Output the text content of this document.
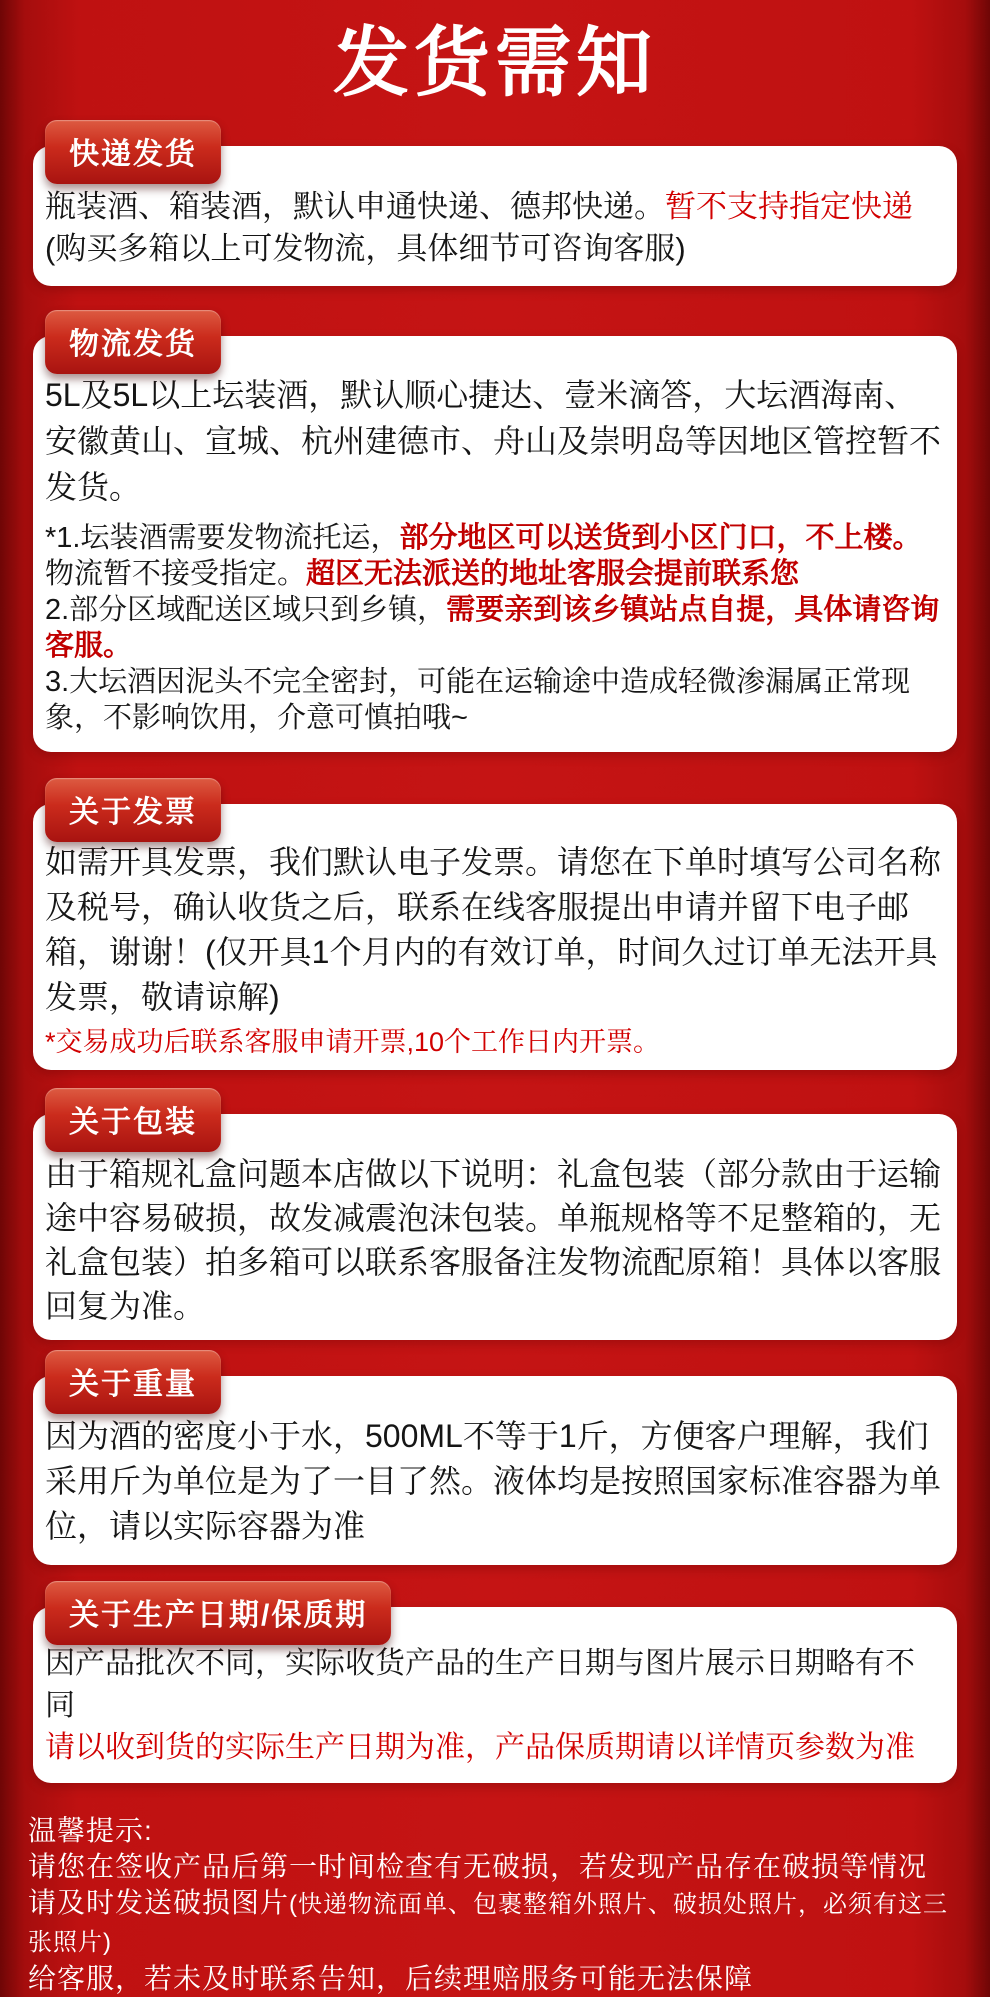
发货需知
快递发货

瓶装酒、箱装酒，默认申通快递、德邦快递。暂不支持指定快递

(购买多箱以上可发物流，具体细节可咨询客服)

物流发货

5L及5L以上坛装酒，默认顺心捷达、壹米滴答，大坛酒海南、安徽黄山、宣城、杭州建德市、舟山及崇明岛等因地区管控暂不发货。

*1.坛装酒需要发物流托运，部分地区可以送货到小区门口，不上楼。物流暂不接受指定。超区无法派送的地址客服会提前联系您
2.部分区域配送区域只到乡镇，需要亲到该乡镇站点自提，具体请咨询客服。
3.大坛酒因泥头不完全密封，可能在运输途中造成轻微渗漏属正常现象，不影响饮用，介意可慎拍哦~

关于发票

如需开具发票，我们默认电子发票。请您在下单时填写公司名称及税号，确认收货之后，联系在线客服提出申请并留下电子邮箱，谢谢！(仅开具1个月内的有效订单，时间久过订单无法开具发票，敬请谅解)

*交易成功后联系客服申请开票,10个工作日内开票。

关于包装

由于箱规礼盒问题本店做以下说明：礼盒包装（部分款由于运输途中容易破损，故发减震泡沫包装。单瓶规格等不足整箱的，无礼盒包装）拍多箱可以联系客服备注发物流配原箱！具体以客服回复为准。

关于重量

因为酒的密度小于水，500ML不等于1斤，方便客户理解，我们采用斤为单位是为了一目了然。液体均是按照国家标准容器为单位，请以实际容器为准

关于生产日期/保质期

因产品批次不同，实际收货产品的生产日期与图片展示日期略有不同

请以收到货的实际生产日期为准，产品保质期请以详情页参数为准

温馨提示:

请您在签收产品后第一时间检查有无破损，若发现产品存在破损等情况

请及时发送破损图片(快递物流面单、包裹整箱外照片、破损处照片，必须有这三张照片)

给客服，若未及时联系告知，后续理赔服务可能无法保障
